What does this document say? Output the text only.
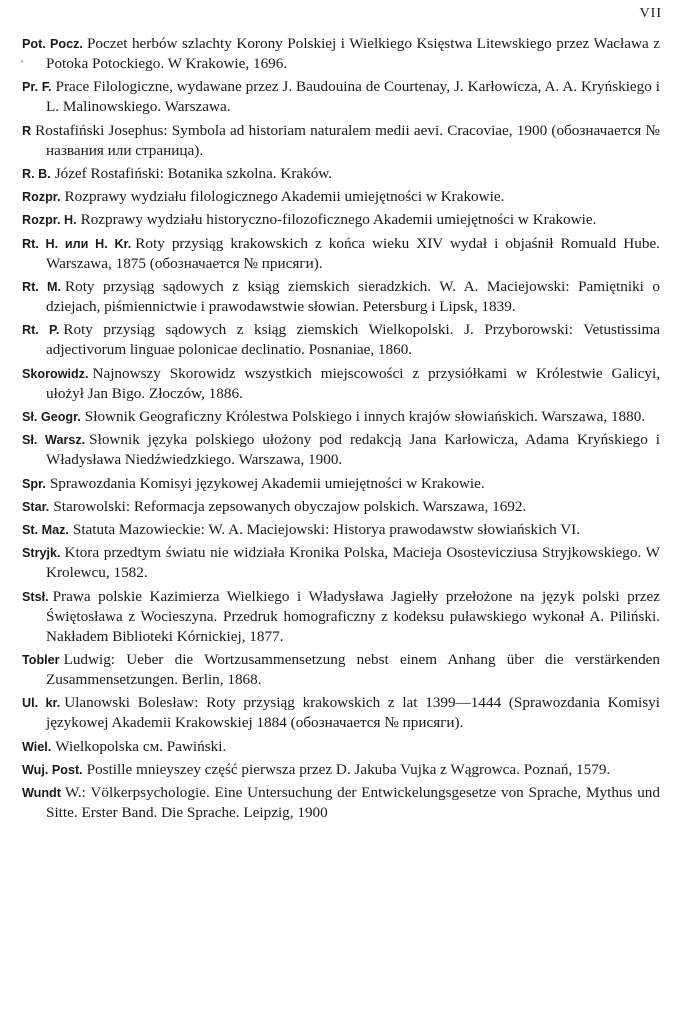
VII
`

Pot. Pocz. Poczet herbów szlachty Korony Polskiej i Wielkiego Księstwa Litewskiego przez Wacława z Potoka Potockiego. W Krakowie, 1696.

Pr. F. Prace Filologiczne, wydawane przez J. Baudouina de Courtenay, J. Karłowicza, A. A. Kryńskiego i L. Malinowskiego. Warszawa.

R Rostafiński Josephus: Symbola ad historiam naturalem medii aevi. Cracoviae, 1900 (обозначается № названия или страница).

R. B. Józef Rostafiński: Botanika szkolna. Kraków.

Rozpr. Rozprawy wydziału filologicznego Akademii umiejętności w Krakowie.

Rozpr. H. Rozprawy wydziału historyczno-filozoficznego Akademii umiejętności w Krakowie.

Rt. H. или H. Kr. Roty przysiąg krakowskich z końca wieku XIV wydał i objaśnił Romuald Hube. Warszawa, 1875 (обозначается № присяги).

Rt. M. Roty przysiąg sądowych z ksiąg ziemskich sieradzkich. W. A. Maciejowski: Pamiętniki o dziejach, piśmiennictwie i prawodawstwie słowian. Petersburg i Lipsk, 1839.

Rt. P. Roty przysiąg sądowych z ksiąg ziemskich Wielkopolski. J. Przyborowski: Vetustissima adjectivorum linguae polonicae declinatio. Posnaniae, 1860.

Skorowidz. Najnowszy Skorowidz wszystkich miejscowości z przysiółkami w Królestwie Galicyi, ułożył Jan Bigo. Złoczów, 1886.

Sł. Geogr. Słownik Geograficzny Królestwa Polskiego i innych krajów słowiańskich. Warszawa, 1880.

Sł. Warsz. Słownik języka polskiego ułożony pod redakcją Jana Karłowicza, Adama Kryńskiego i Władysława Niedźwiedzkiego. Warszawa, 1900.

Spr. Sprawozdania Komisyi językowej Akademii umiejętności w Krakowie.

Star. Starowolski: Reformacja zepsowanych obyczajow polskich. Warszawa, 1692.

St. Maz. Statuta Mazowieckie: W. A. Maciejowski: Historya prawodawstw słowiańskich VI.

Stryjk. Ktora przedtym światu nie widziała Kronika Polska, Macieja Osostevicziusa Stryjkowskiego. W Krolewcu, 1582.

Stsł. Prawa polskie Kazimierza Wielkiego i Władysława Jagiełły przełożone na język polski przez Świętosława z Wocieszyna. Przedruk homograficzny z kodeksu puławskiego wykonał A. Piliński. Nakładem Biblioteki Kórnickiej, 1877.

Tobler Ludwig: Ueber die Wortzusammensetzung nebst einem Anhang über die verstärkenden Zusammensetzungen. Berlin, 1868.

Ul. kr. Ulanowski Bolesław: Roty przysiąg krakowskich z lat 1399—1444 (Sprawozdania Komisyi językowej Akademii Krakowskiej 1884 (обозначается № присяги).

Wiel. Wielkopolska см. Pawiński.

Wuj. Post. Postille mnieyszey część pierwsza przez D. Jakuba Vujka z Wągrowca. Poznań, 1579.

Wundt W.: Völkerpsychologie. Eine Untersuchung der Entwickelungsgesetze von Sprache, Mythus und Sitte. Erster Band. Die Sprache. Leipzig, 1900
